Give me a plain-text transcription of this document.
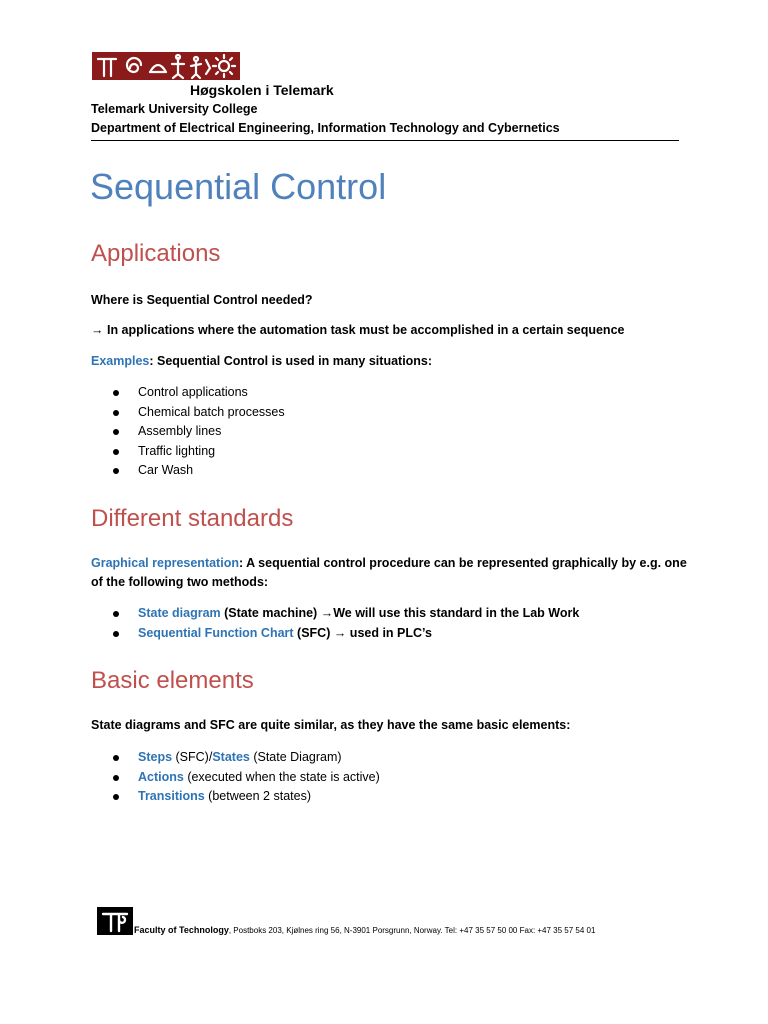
Høgskolen i Telemark
Telemark University College
Department of Electrical Engineering, Information Technology and Cybernetics
Sequential Control
Applications
Where is Sequential Control needed?
→ In applications where the automation task must be accomplished in a certain sequence
Examples: Sequential Control is used in many situations:
Control applications
Chemical batch processes
Assembly lines
Traffic lighting
Car Wash
Different standards
Graphical representation: A sequential control procedure can be represented graphically by e.g. one of the following two methods:
State diagram (State machine) →We will use this standard in the Lab Work
Sequential Function Chart (SFC) → used in PLC’s
Basic elements
State diagrams and SFC are quite similar, as they have the same basic elements:
Steps (SFC)/States (State Diagram)
Actions (executed when the state is active)
Transitions (between 2 states)
Faculty of Technology, Postboks 203, Kjølnes ring 56, N-3901 Porsgrunn, Norway. Tel: +47 35 57 50 00 Fax: +47 35 57 54 01
